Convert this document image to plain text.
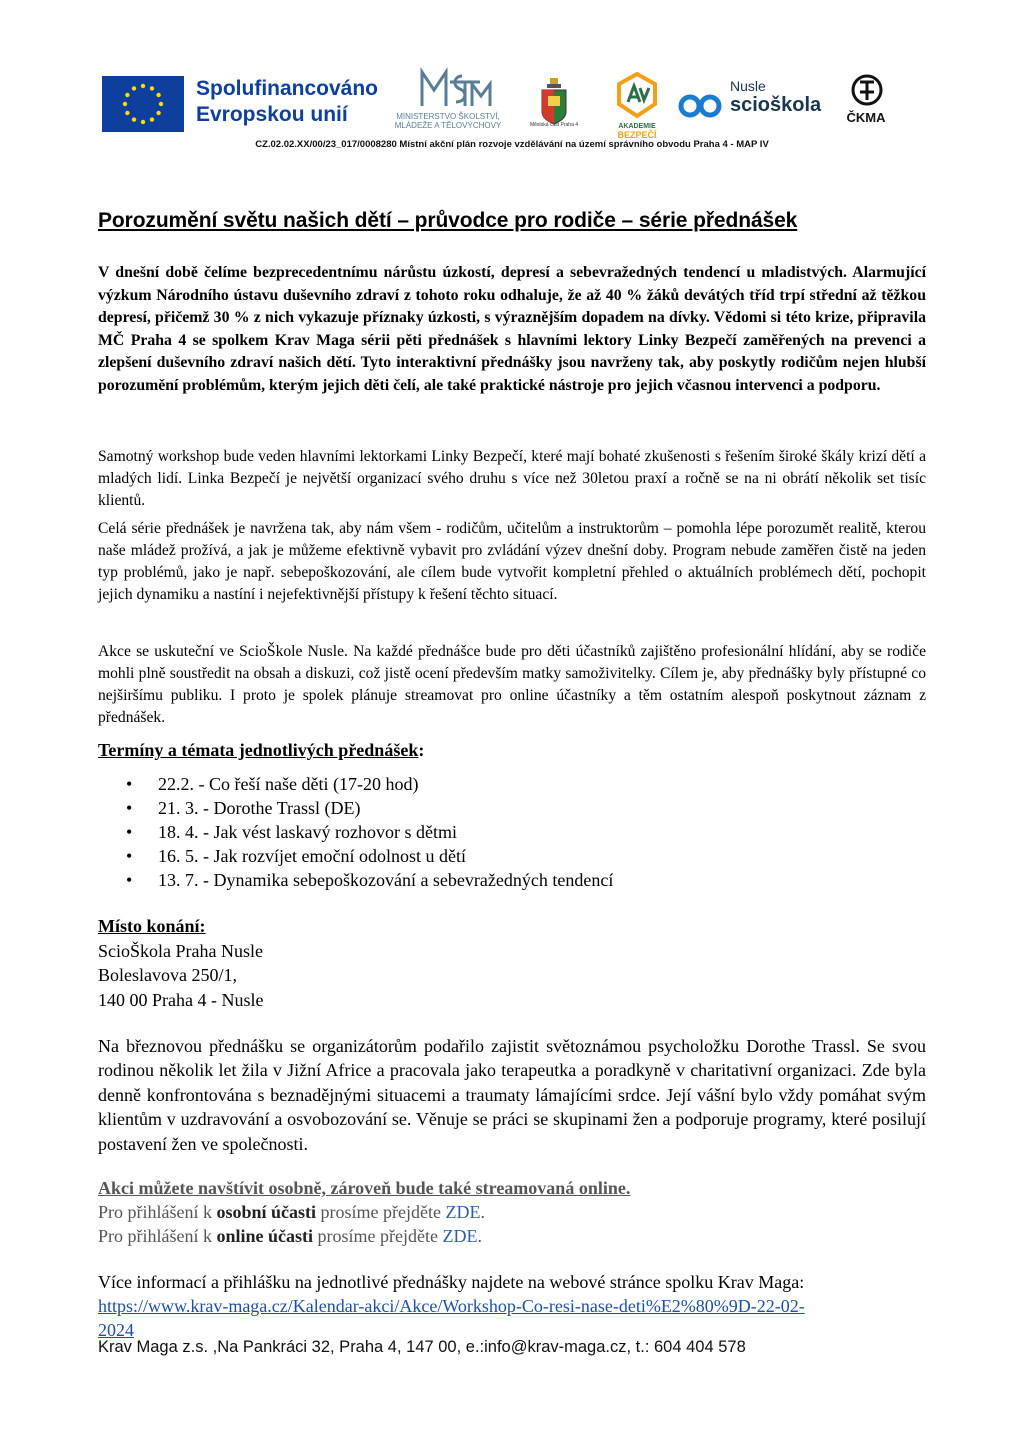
Spolufinancováno
Evropskou unií	MINISTERSTVO ŠKOLSTVÍ,
MLÁDEŽE A TĚLOVÝCHOVY	Městská část Praha 4	AKADEMIE
BEZPEČÍ
Nusle
scioškola
ČKMA
CZ.02.02.XX/00/23_017/0008280 Místní akční plán rozvoje vzdělávání na území správního obvodu Praha 4 - MAP IV
Porozumění světu našich dětí – průvodce pro rodiče – série přednášek

V dnešní době čelíme bezprecedentnímu nárůstu úzkostí, depresí a sebevražedných tendencí u mladistvých. Alarmující výzkum Národního ústavu duševního zdraví z tohoto roku odhaluje, že až 40 % žáků devátých tříd trpí střední až těžkou depresí, přičemž 30 % z nich vykazuje příznaky úzkosti, s výraznějším dopadem na dívky. Vědomi si této krize, připravila MČ Praha 4 se spolkem Krav Maga sérii pěti přednášek s hlavními lektory Linky Bezpečí zaměřených na prevenci a zlepšení duševního zdraví našich dětí. Tyto interaktivní přednášky jsou navrženy tak, aby poskytly rodičům nejen hlubší porozumění problémům, kterým jejich děti čelí, ale také praktické nástroje pro jejich včasnou intervenci a podporu.

Samotný workshop bude veden hlavními lektorkami Linky Bezpečí, které mají bohaté zkušenosti s řešením široké škály krizí dětí a mladých lidí. Linka Bezpečí je největší organizací svého druhu s více než 30letou praxí a ročně se na ni obrátí několik set tisíc klientů.

Celá série přednášek je navržena tak, aby nám všem - rodičům, učitelům a instruktorům – pomohla lépe porozumět realitě, kterou naše mládež prožívá, a jak je můžeme efektivně vybavit pro zvládání výzev dnešní doby. Program nebude zaměřen čistě na jeden typ problémů, jako je např. sebepoškozování, ale cílem bude vytvořit kompletní přehled o aktuálních problémech dětí, pochopit jejich dynamiku a nastíní i nejefektivnější přístupy k řešení těchto situací.

Akce se uskuteční ve ScioŠkole Nusle. Na každé přednášce bude pro děti účastníků zajištěno profesionální hlídání, aby se rodiče mohli plně soustředit na obsah a diskuzi, což jistě ocení především matky samoživitelky. Cílem je, aby přednášky byly přístupné co nejširšímu publiku. I proto je spolek plánuje streamovat pro online účastníky a těm ostatním alespoň poskytnout záznam z přednášek.

Termíny a témata jednotlivých přednášek:
• 22.2. - Co řeší naše děti (17-20 hod)
• 21. 3. - Dorothe Trassl (DE)
• 18. 4. - Jak vést laskavý rozhovor s dětmi
• 16. 5. - Jak rozvíjet emoční odolnost u dětí
• 13. 7. - Dynamika sebepoškozování a sebevražedných tendencí
Místo konání:
ScioŠkola Praha Nusle
Boleslavova 250/1,
140 00 Praha 4 - Nusle

Na březnovou přednášku se organizátorům podařilo zajistit světoznámou psycholožku Dorothe Trassl. Se svou rodinou několik let žila v Jižní Africe a pracovala jako terapeutka a poradkyně v charitativní organizaci. Zde byla denně konfrontována s beznadějnými situacemi a traumaty lámajícími srdce. Její vášní bylo vždy pomáhat svým klientům v uzdravování a osvobozování se. Věnuje se práci se skupinami žen a podporuje programy, které posilují postavení žen ve společnosti.

Akci můžete navštívit osobně, zároveň bude také streamovaná online.
Pro přihlášení k osobní účasti prosíme přejděte ZDE.
Pro přihlášení k online účasti prosíme přejděte ZDE.
Více informací a přihlášku na jednotlivé přednášky najdete na webové stránce spolku Krav Maga:
https://www.krav-maga.cz/Kalendar-akci/Akce/Workshop-Co-resi-nase-deti%E2%80%9D-22-02-
2024
Krav Maga z.s. ,Na Pankráci 32, Praha 4, 147 00, e.:info@krav-maga.cz, t.: 604 404 578
